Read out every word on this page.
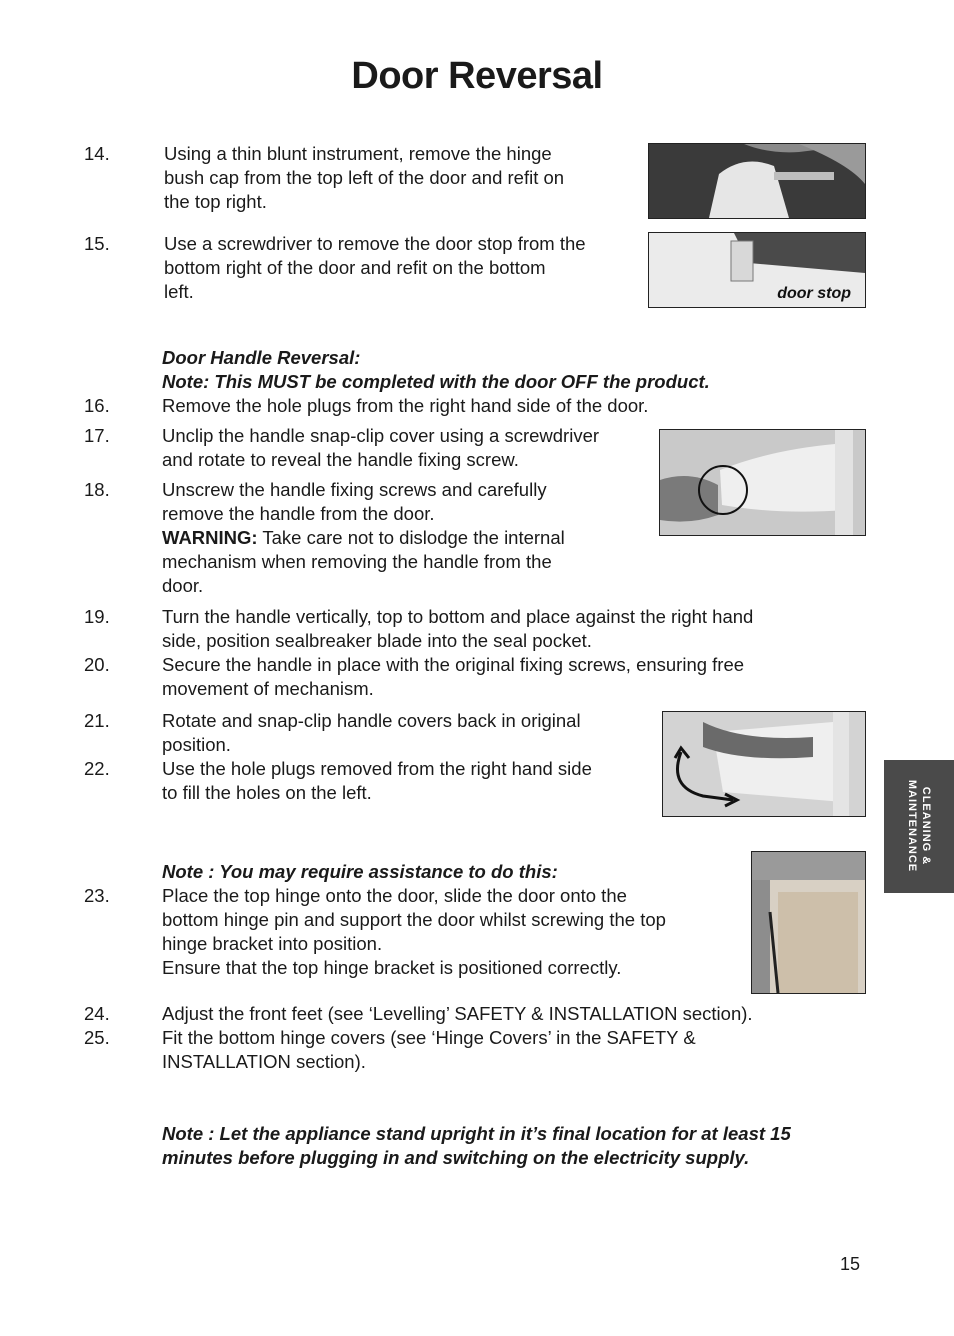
Door Reversal
14.	Using a thin blunt instrument, remove the hinge
bush cap from the top left of the door and refit on
the top right.
15.	Use a screwdriver to remove the door stop from the
bottom right of the door and refit on the bottom
left.	door stop
Door Handle Reversal:
Note: This MUST be completed with the door OFF the product.
16.	Remove the hole plugs from the right hand side of the door.
17.	Unclip the handle snap-clip cover using a screwdriver
and rotate to reveal the handle fixing screw.
18.	Unscrew the handle fixing screws and carefully
remove the handle from the door.
WARNING: Take care not to dislodge the internal
mechanism when removing the handle from the
door.
19.	Turn the handle vertically, top to bottom and place against the right hand
side, position sealbreaker blade into the seal pocket.
20.	Secure the handle in place with the original fixing screws, ensuring free
movement of mechanism.
21.	Rotate and snap-clip handle covers back in original
position.
22.	Use the hole plugs removed from the right hand side
to fill the holes on the left.
Note : You may require assistance to do this:
23.	Place the top hinge onto the door, slide the door onto the
bottom hinge pin and support the door whilst screwing the top
hinge bracket into position.
Ensure that the top hinge bracket is positioned correctly.
24.	Adjust the front feet (see ‘Levelling’ SAFETY & INSTALLATION section).
25.	Fit the bottom hinge covers (see ‘Hinge Covers’ in the SAFETY &
INSTALLATION section).
Note : Let the appliance stand upright in it’s final location for at least 15
minutes before plugging in and switching on the electricity supply.
CLEANING &
MAINTENANCE
15
